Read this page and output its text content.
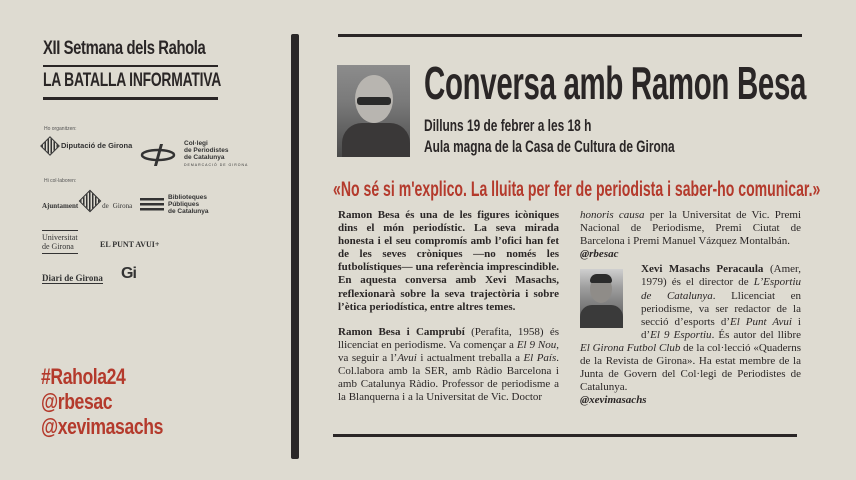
XII Setmana dels Rahola
LA BATALLA INFORMATIVA
Ho organitzen:
Diputació de Girona	Col·legi
de Periodistes
de Catalunya
DEMARCACIÓ DE GIRONA
Hi col·laboren:
Ajuntament	de Girona
Biblioteques
Públiques
de Catalunya
Universitat
de Girona	EL PUNT AVUI+
Diari de Girona Gi
#Rahola24
@rbesac
@xevimasachs
Conversa amb Ramon Besa
Dilluns 19 de febrer a les 18 h
Aula magna de la Casa de Cultura de Girona
«No sé si m'explico. La lluita per fer de periodista i saber-ho comunicar.»

Ramon Besa és una de les figures icòniques dins el món periodístic. La seva mirada honesta i el seu compromís amb l’ofici han fet de les seves cròniques —no només les futbolístiques— una referència imprescindible. En aquesta conversa amb Xevi Masachs, reflexionarà sobre la seva trajectòria i sobre l’ètica periodística, entre altres temes.

Ramon Besa i Camprubí (Perafita, 1958) és llicenciat en periodisme. Va començar a El 9 Nou, va seguir a l’Avui i actualment treballa a El País. Col.labora amb la SER, amb Ràdio Barcelona i amb Catalunya Ràdio. Professor de periodisme a la Blanquerna i a la Universitat de Vic. Doctor

honoris causa per la Universitat de Vic. Premi Nacional de Periodisme, Premi Ciutat de Barcelona i Premi Manuel Vázquez Montalbán.

@rbesac

Xevi Masachs Peracaula (Amer, 1979) és el director de L’Esportiu de Catalunya. Llicenciat en periodisme, va ser redactor de la secció d’esports d’El Punt Avui i d’El 9 Esportiu. És autor del llibre El Girona Futbol Club de la col·lecció «Quaderns de la Revista de Girona». Ha estat membre de la Junta de Govern del Col·legi de Periodistes de Catalunya.

@xevimasachs
